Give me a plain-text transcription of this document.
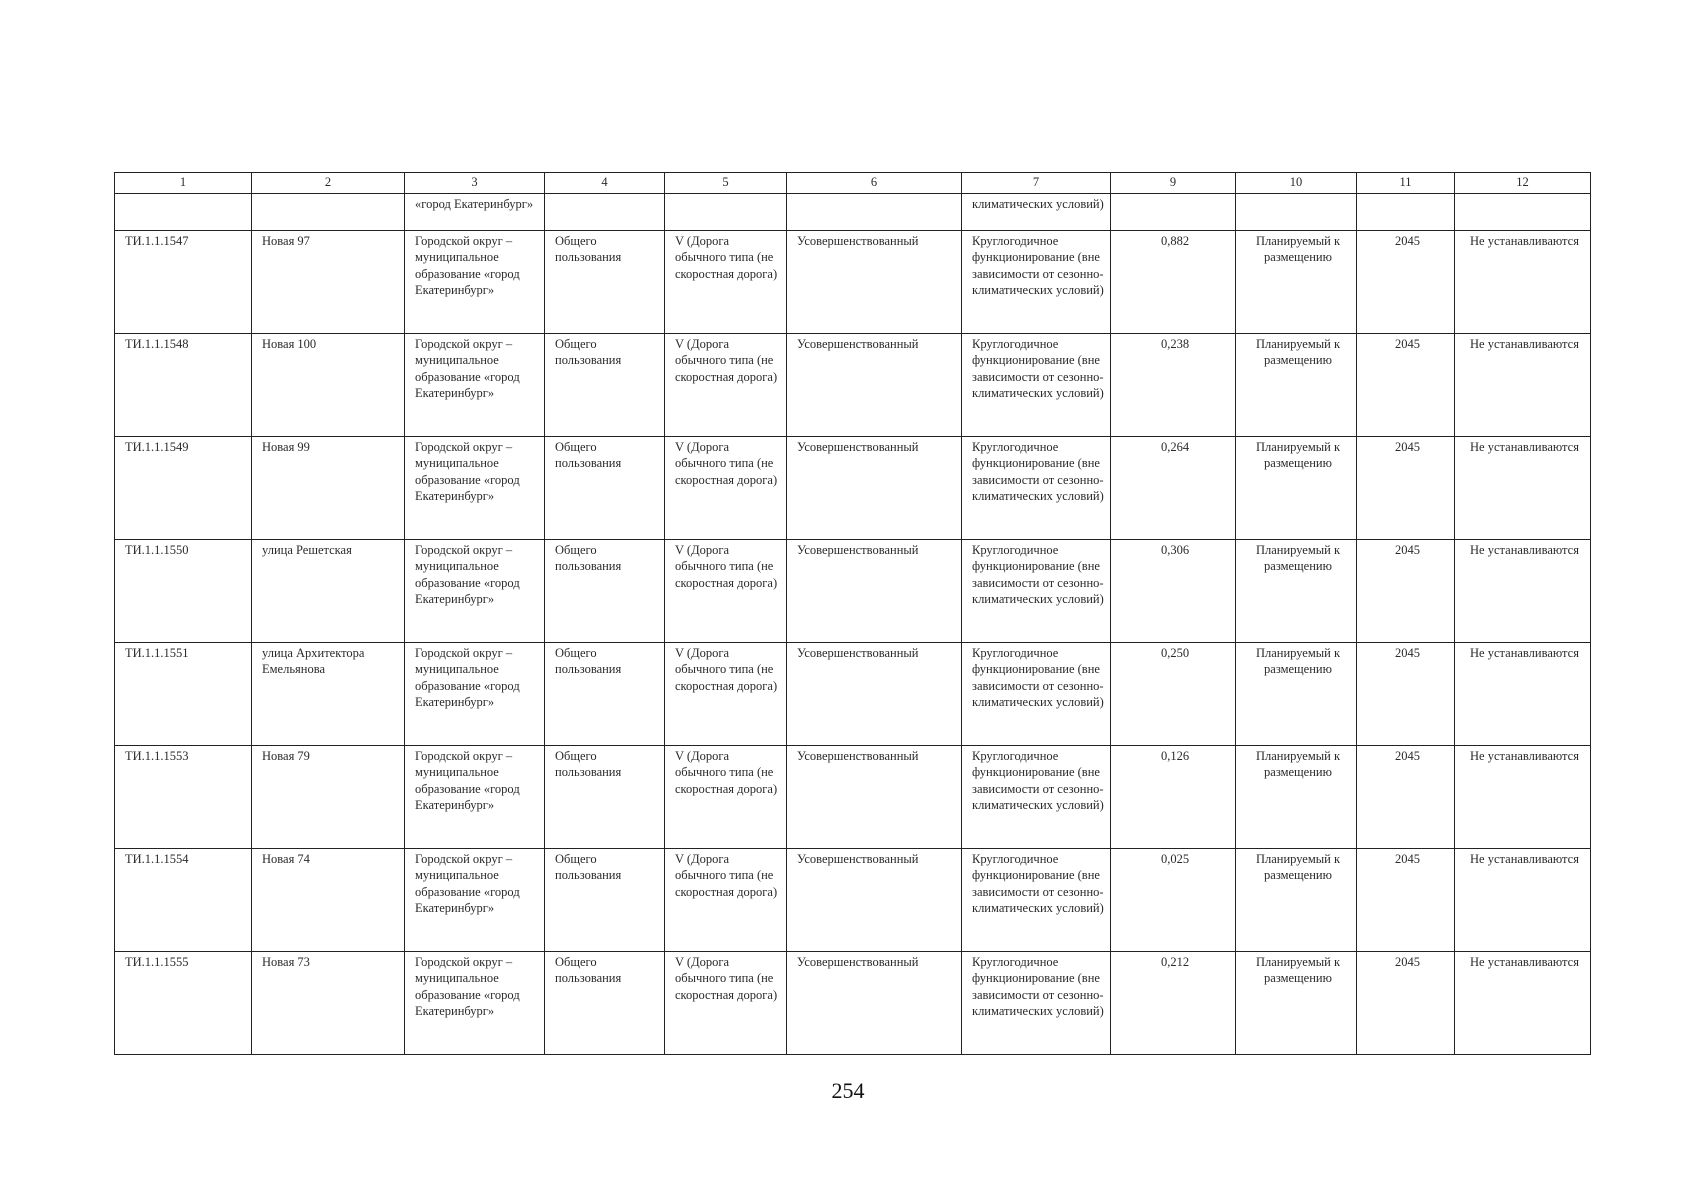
1	2	3	4	5	6	7	9	10	11	12
		«город Екатеринбург»				климатических условий)				
ТИ.1.1.1547	Новая 97	Городской округ – муниципальное образование «город Екатеринбург»	Общего пользования	V (Дорога обычного типа (не скоростная дорога)	Усовершенствованный	Круглогодичное функционирование (вне зависимости от сезонно-климатических условий)	0,882	Планируемый к размещению	2045	Не устанавливаются
ТИ.1.1.1548	Новая 100	Городской округ – муниципальное образование «город Екатеринбург»	Общего пользования	V (Дорога обычного типа (не скоростная дорога)	Усовершенствованный	Круглогодичное функционирование (вне зависимости от сезонно-климатических условий)	0,238	Планируемый к размещению	2045	Не устанавливаются
ТИ.1.1.1549	Новая 99	Городской округ – муниципальное образование «город Екатеринбург»	Общего пользования	V (Дорога обычного типа (не скоростная дорога)	Усовершенствованный	Круглогодичное функционирование (вне зависимости от сезонно-климатических условий)	0,264	Планируемый к размещению	2045	Не устанавливаются
ТИ.1.1.1550	улица Решетская	Городской округ – муниципальное образование «город Екатеринбург»	Общего пользования	V (Дорога обычного типа (не скоростная дорога)	Усовершенствованный	Круглогодичное функционирование (вне зависимости от сезонно-климатических условий)	0,306	Планируемый к размещению	2045	Не устанавливаются
ТИ.1.1.1551	улица Архитектора Емельянова	Городской округ – муниципальное образование «город Екатеринбург»	Общего пользования	V (Дорога обычного типа (не скоростная дорога)	Усовершенствованный	Круглогодичное функционирование (вне зависимости от сезонно-климатических условий)	0,250	Планируемый к размещению	2045	Не устанавливаются
ТИ.1.1.1553	Новая 79	Городской округ – муниципальное образование «город Екатеринбург»	Общего пользования	V (Дорога обычного типа (не скоростная дорога)	Усовершенствованный	Круглогодичное функционирование (вне зависимости от сезонно-климатических условий)	0,126	Планируемый к размещению	2045	Не устанавливаются
ТИ.1.1.1554	Новая 74	Городской округ – муниципальное образование «город Екатеринбург»	Общего пользования	V (Дорога обычного типа (не скоростная дорога)	Усовершенствованный	Круглогодичное функционирование (вне зависимости от сезонно-климатических условий)	0,025	Планируемый к размещению	2045	Не устанавливаются
ТИ.1.1.1555	Новая 73	Городской округ – муниципальное образование «город Екатеринбург»	Общего пользования	V (Дорога обычного типа (не скоростная дорога)	Усовершенствованный	Круглогодичное функционирование (вне зависимости от сезонно-климатических условий)	0,212	Планируемый к размещению	2045	Не устанавливаются
254
